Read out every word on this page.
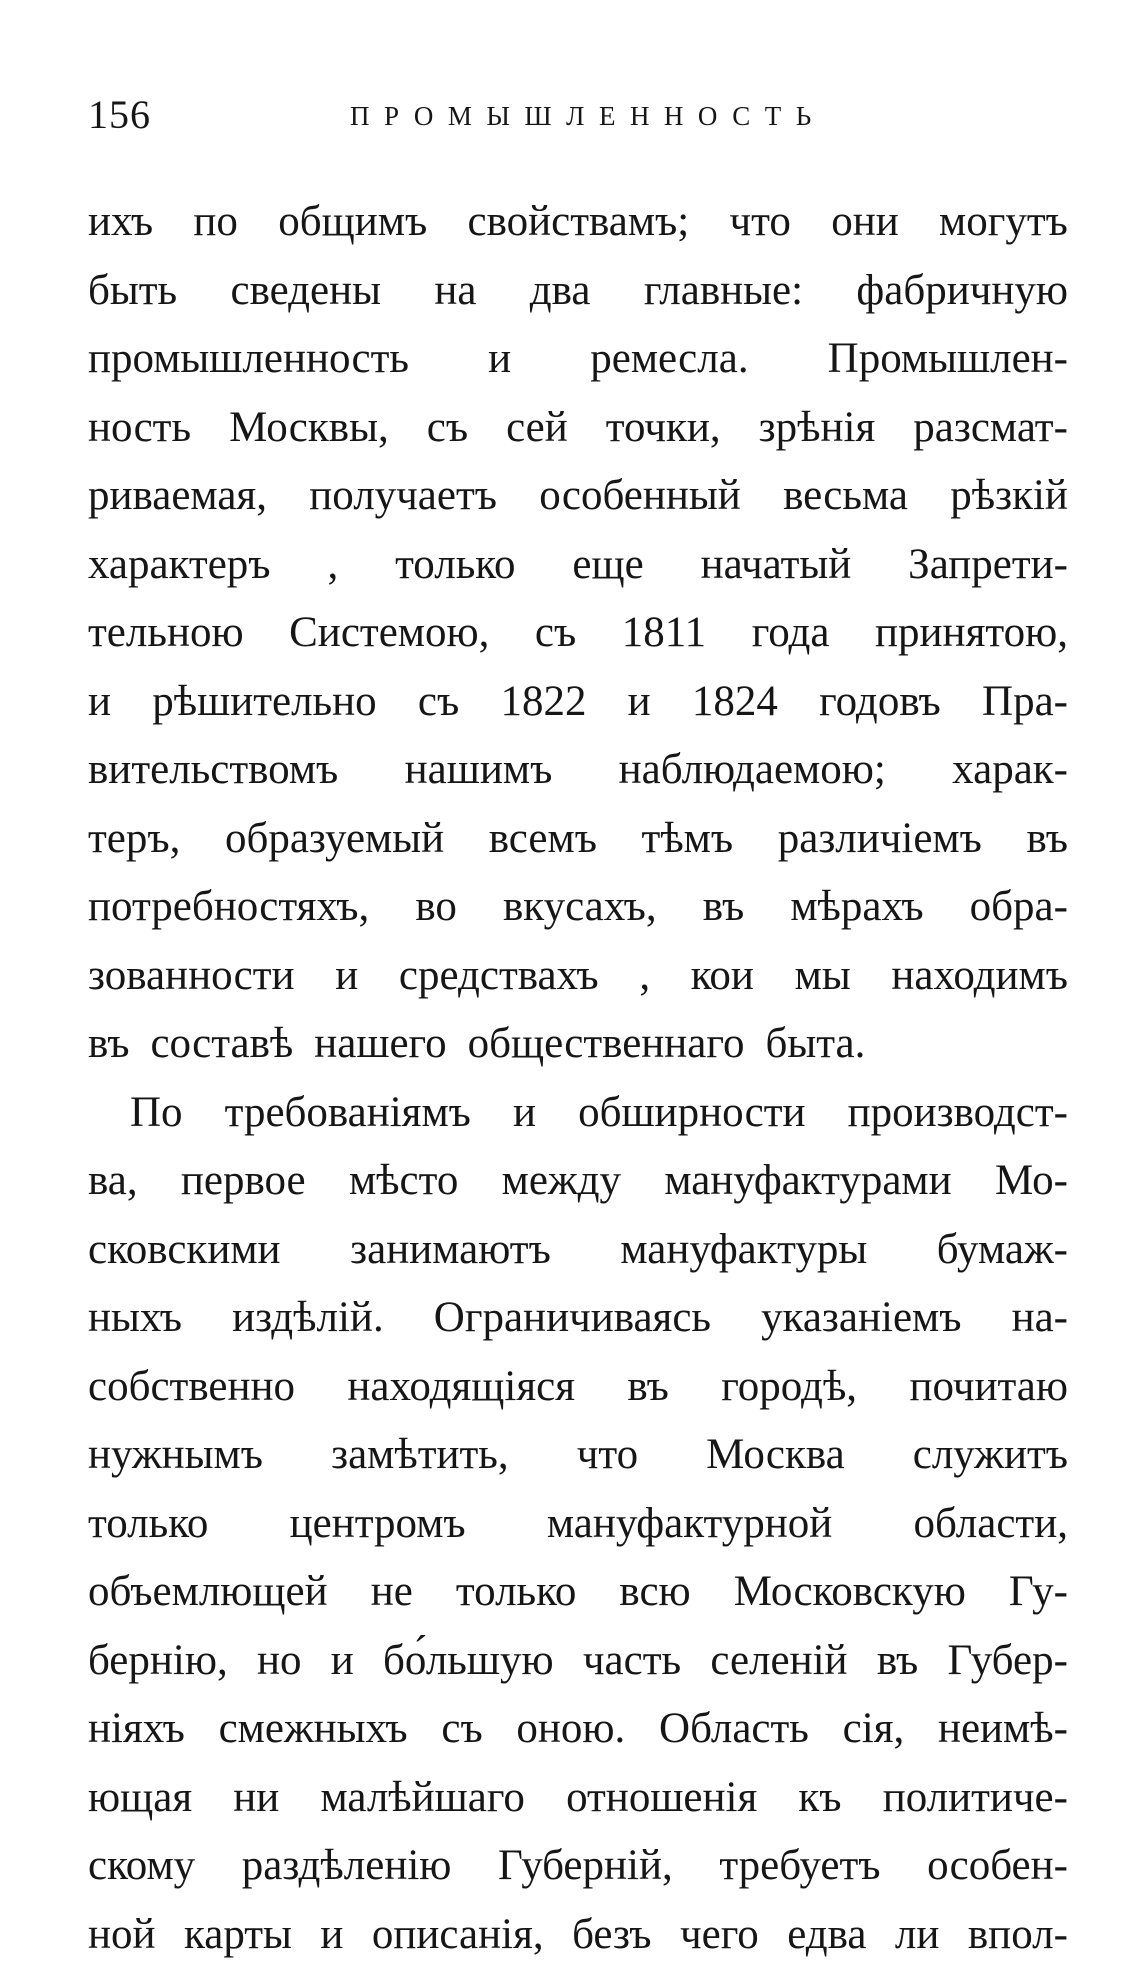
156	ПРОМЫШЛЕННОСТЬ
ихъ по общимъ свойствамъ; что они могутъ
быть сведены на два главные: фабричную
промышленность и ремесла. Промышлен-
ность Москвы, съ сей точки, зрѣнія разсмат-
риваемая, получаетъ особенный весьма рѣзкій
характеръ , только еще начатый Запрети-
тельною Системою, съ 1811 года принятою,
и рѣшительно съ 1822 и 1824 годовъ Пра-
вительствомъ нашимъ наблюдаемою; харак-
теръ, образуемый всемъ тѣмъ различіемъ въ
потребностяхъ, во вкусахъ, въ мѣрахъ обра-
зованности и средствахъ , кои мы находимъ
въ составѣ нашего общественнаго быта.
По требованіямъ и обширности производст-
ва, первое мѣсто между мануфактурами Мо-
сковскими занимаютъ мануфактуры бумаж-
ныхъ издѣлій. Ограничиваясь указаніемъ на-
собственно находящіяся въ городѣ, почитаю
нужнымъ замѣтить, что Москва служитъ
только центромъ мануфактурной области,
объемлющей не только всю Московскую Гу-
бернію, но и бо́льшую часть селеній въ Губер-
ніяхъ смежныхъ съ оною. Область сія, неимѣ-
ющая ни малѣйшаго отношенія къ политиче-
скому раздѣленію Губерній, требуетъ особен-
ной карты и описанія, безъ чего едва ли впол-
